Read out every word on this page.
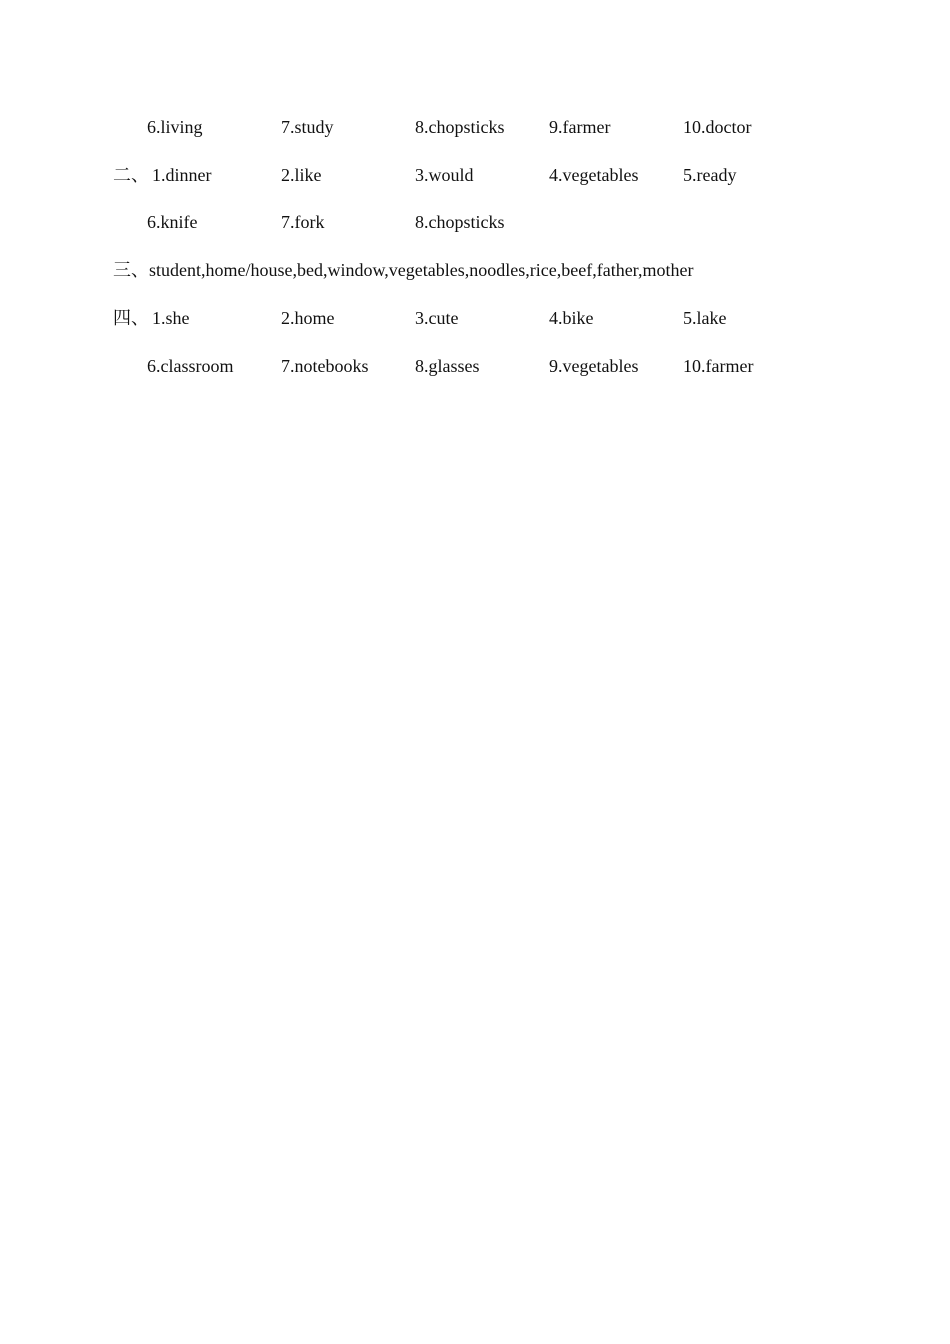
6.living	7.study	8.chopsticks 9.farmer	10.doctor
二、 1.dinner	2.like	3.would	4.vegetables 5.ready
6.knife	7.fork	8.chopsticks
三、student,home/house,bed,window,vegetables,noodles,rice,beef,father,mother
四、 1.she	2.home	3.cute	4.bike	5.lake
6.classroom	7.notebooks	8.glasses	9.vegetables 10.farmer
